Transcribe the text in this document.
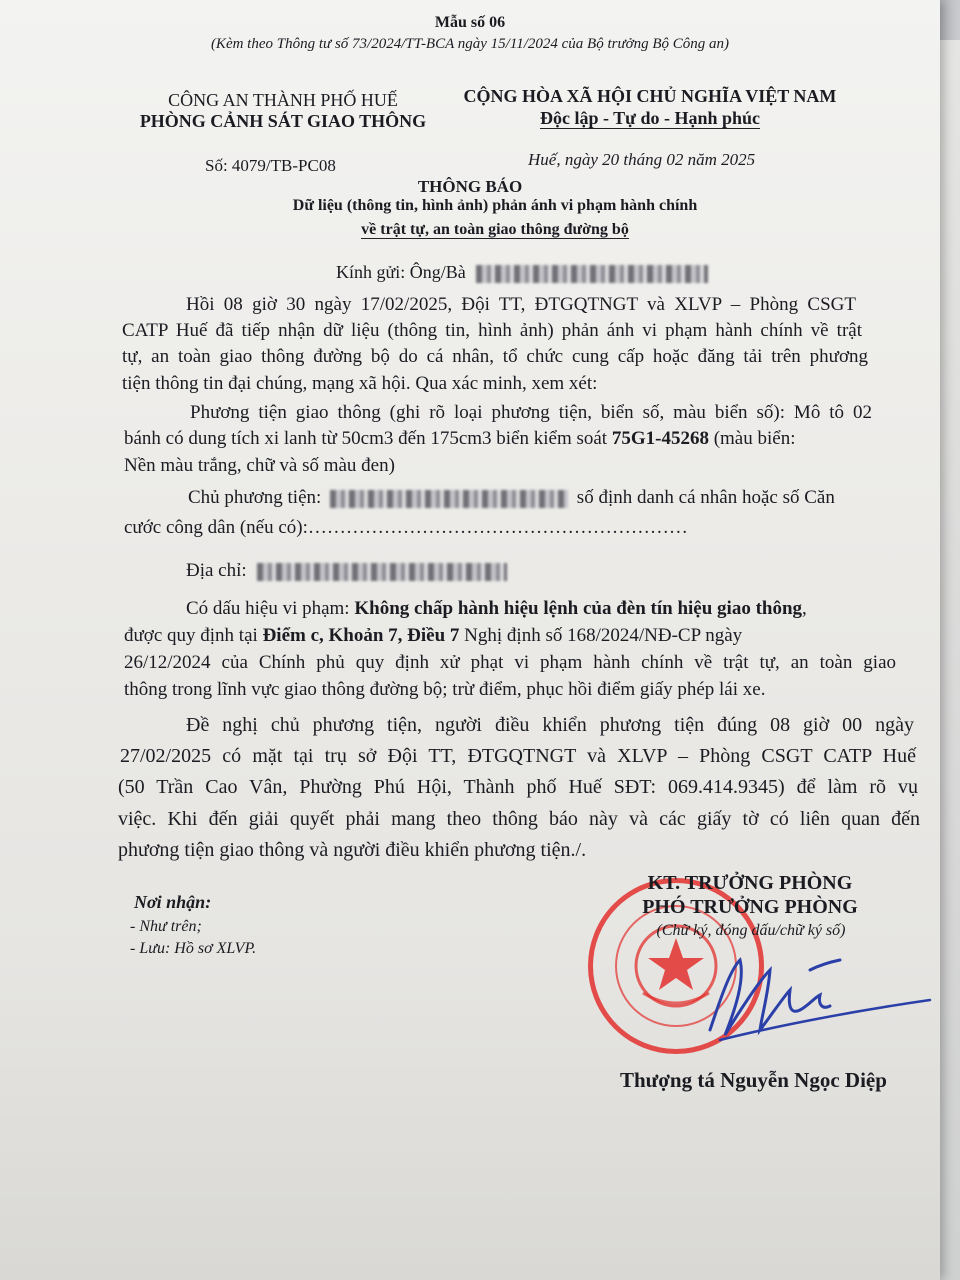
Mẫu số 06
(Kèm theo Thông tư số 73/2024/TT-BCA ngày 15/11/2024 của Bộ trưởng Bộ Công an)
CÔNG AN THÀNH PHỐ HUẾ
PHÒNG CẢNH SÁT GIAO THÔNG
CỘNG HÒA XÃ HỘI CHỦ NGHĨA VIỆT NAM
Độc lập - Tự do - Hạnh phúc
Số: 4079/TB-PC08	Huế, ngày 20 tháng 02 năm 2025
THÔNG BÁO
Dữ liệu (thông tin, hình ảnh) phản ánh vi phạm hành chính
về trật tự, an toàn giao thông đường bộ
Kính gửi: Ông/Bà
Hồi 08 giờ 30 ngày 17/02/2025, Đội TT, ĐTGQTNGT và XLVP – Phòng CSGT
CATP Huế đã tiếp nhận dữ liệu (thông tin, hình ảnh) phản ánh vi phạm hành chính về trật
tự, an toàn giao thông đường bộ do cá nhân, tổ chức cung cấp hoặc đăng tải trên phương
tiện thông tin đại chúng, mạng xã hội. Qua xác minh, xem xét:
Phương tiện giao thông (ghi rõ loại phương tiện, biển số, màu biển số): Mô tô 02
bánh có dung tích xi lanh từ 50cm3 đến 175cm3 biển kiểm soát 75G1-45268 (màu biển:
Nền màu trắng, chữ và số màu đen)
Chủ phương tiện:	số định danh cá nhân hoặc số Căn
cước công dân (nếu có):……………………………………………………
Địa chỉ:
Có dấu hiệu vi phạm: Không chấp hành hiệu lệnh của đèn tín hiệu giao thông,
được quy định tại Điểm c, Khoản 7, Điều 7 Nghị định số 168/2024/NĐ-CP ngày
26/12/2024 của Chính phủ quy định xử phạt vi phạm hành chính về trật tự, an toàn giao
thông trong lĩnh vực giao thông đường bộ; trừ điểm, phục hồi điểm giấy phép lái xe.
Đề nghị chủ phương tiện, người điều khiển phương tiện đúng 08 giờ 00 ngày
27/02/2025 có mặt tại trụ sở Đội TT, ĐTGQTNGT và XLVP – Phòng CSGT CATP Huế
(50 Trần Cao Vân, Phường Phú Hội, Thành phố Huế SĐT: 069.414.9345) để làm rõ vụ
việc. Khi đến giải quyết phải mang theo thông báo này và các giấy tờ có liên quan đến
phương tiện giao thông và người điều khiển phương tiện./.
Nơi nhận:
- Như trên;
- Lưu: Hồ sơ XLVP.
KT. TRƯỞNG PHÒNG
PHÓ TRƯỞNG PHÒNG
(Chữ ký, đóng dấu/chữ ký số)
Thượng tá Nguyễn Ngọc Diệp
